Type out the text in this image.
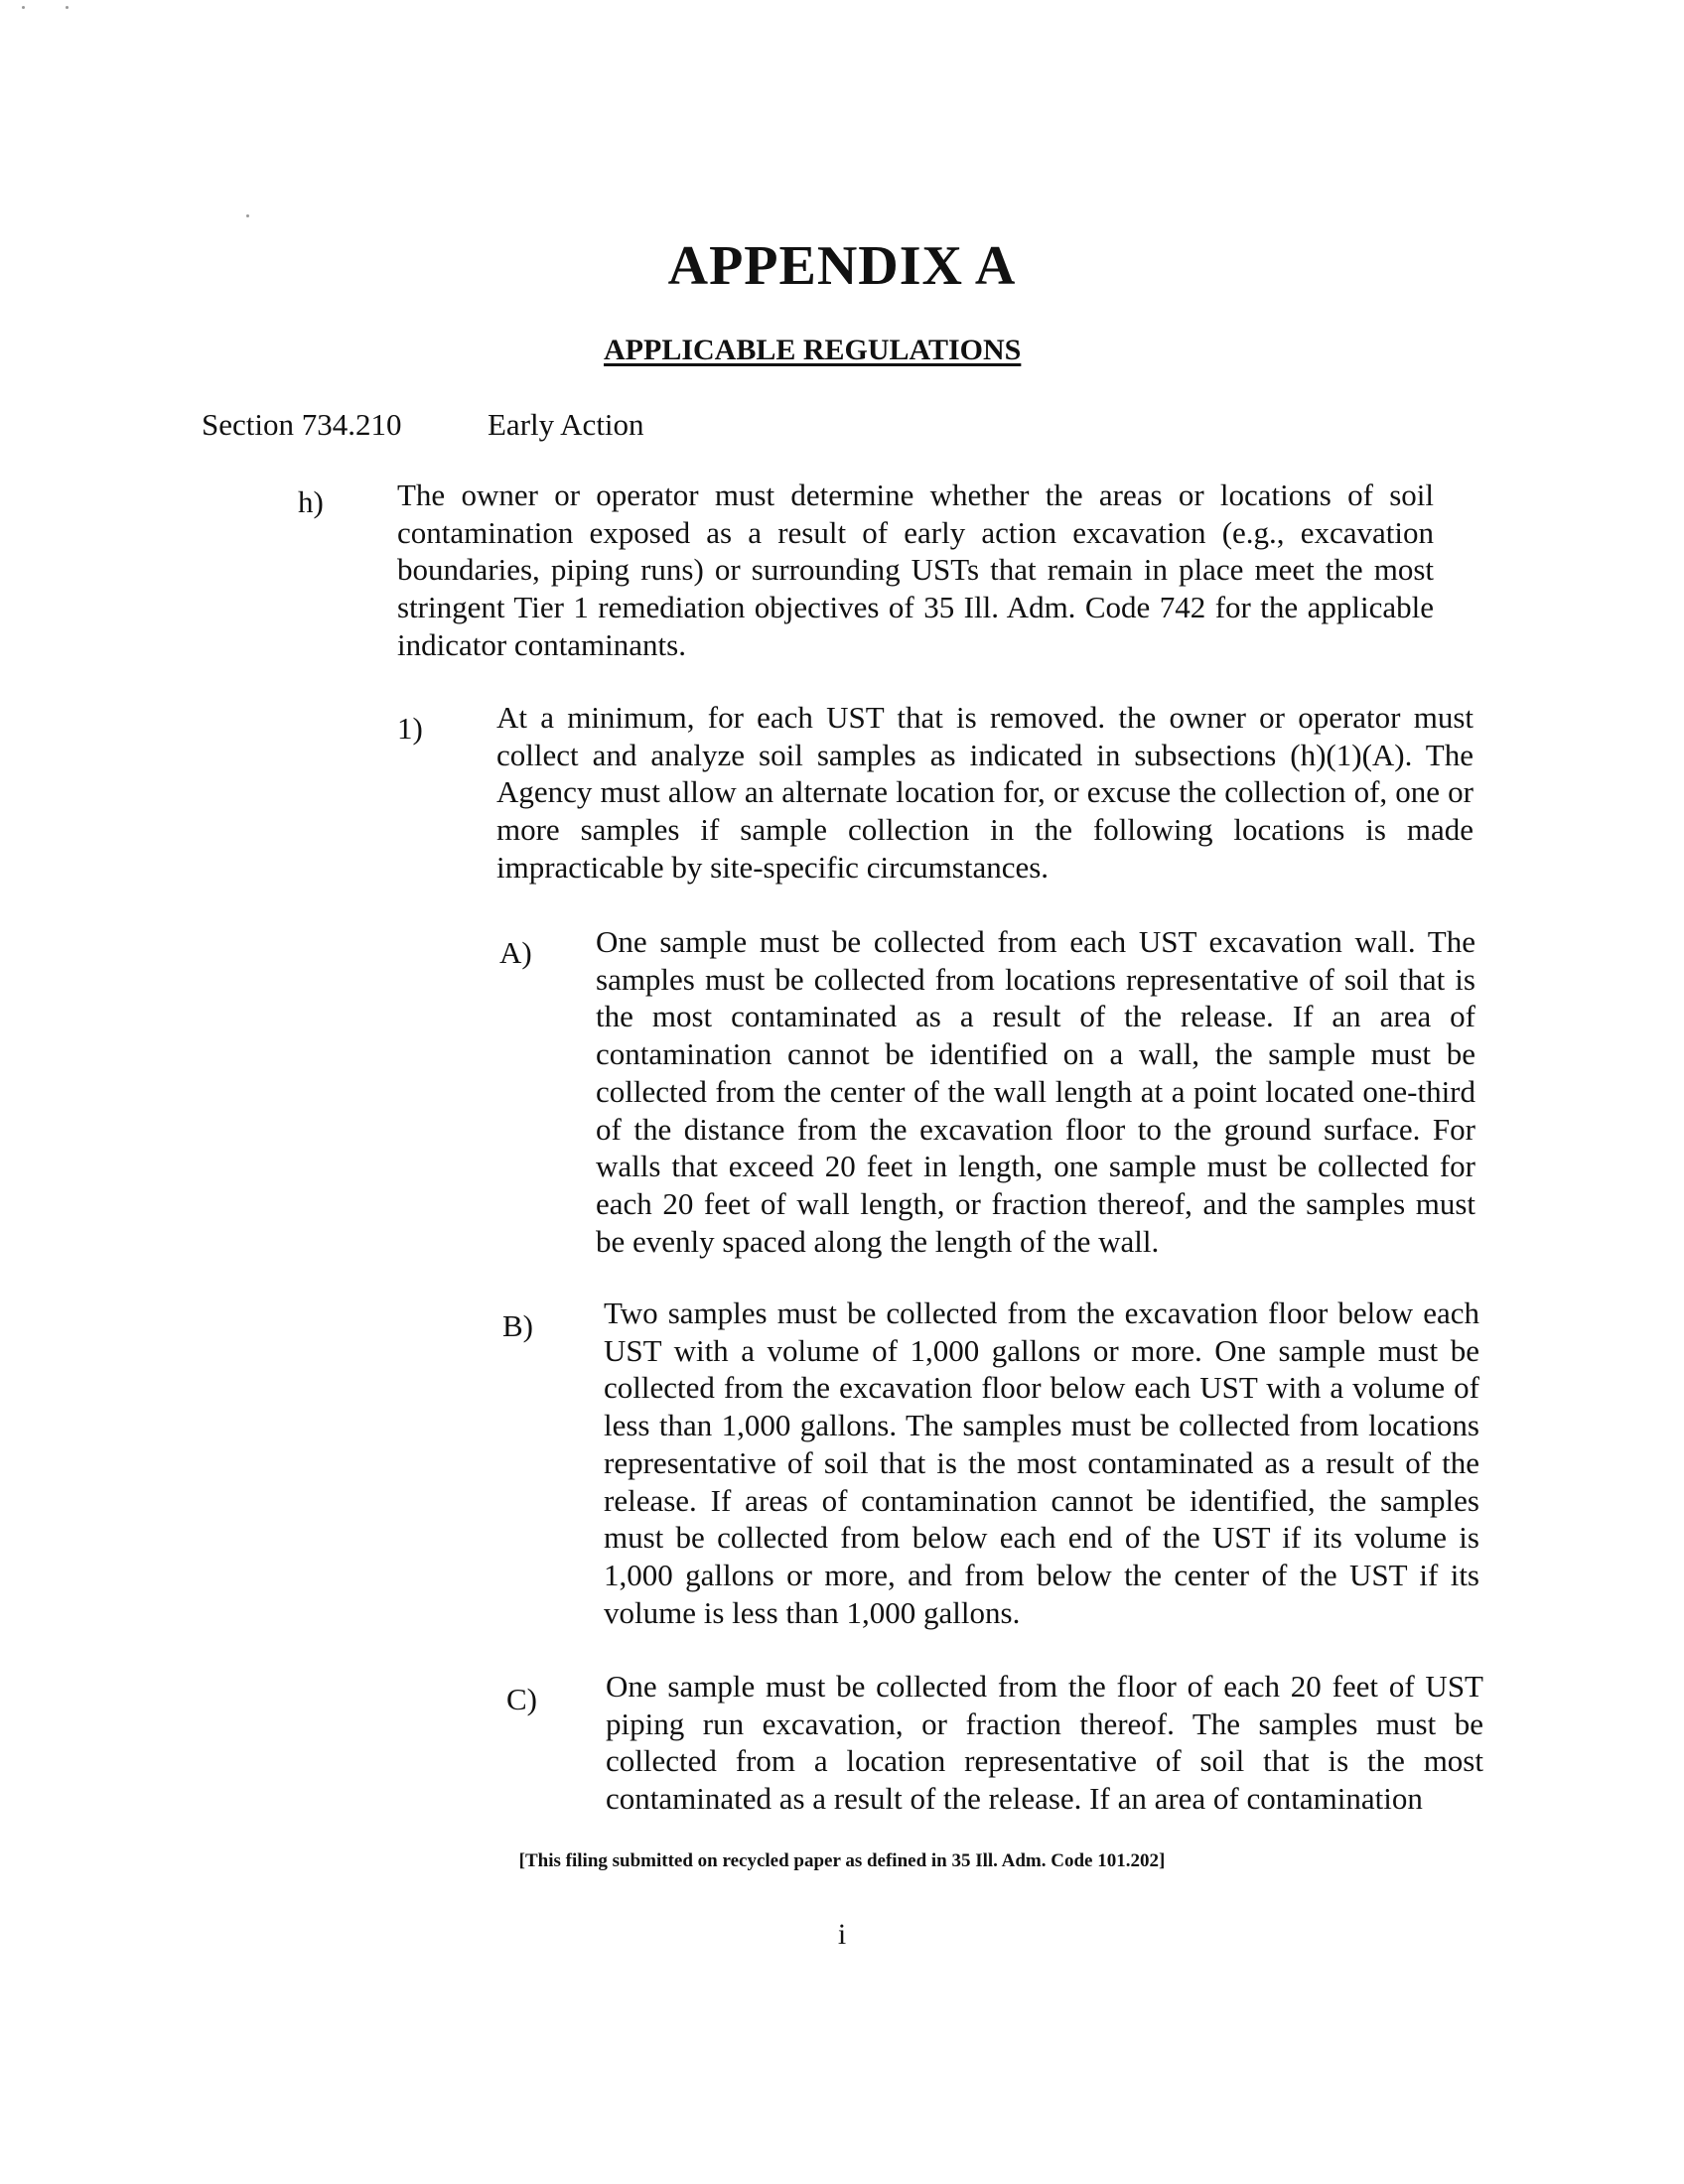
APPENDIX A
APPLICABLE REGULATIONS
Section 734.210	Early Action
h) The owner or operator must determine whether the areas or locations of soil contamination exposed as a result of early action excavation (e.g., excavation boundaries, piping runs) or surrounding USTs that remain in place meet the most stringent Tier 1 remediation objectives of 35 Ill. Adm. Code 742 for the applicable indicator contaminants.
1) At a minimum, for each UST that is removed. the owner or operator must collect and analyze soil samples as indicated in subsections (h)(1)(A). The Agency must allow an alternate location for, or excuse the collection of, one or more samples if sample collection in the following locations is made impracticable by site-specific circumstances.
A) One sample must be collected from each UST excavation wall. The samples must be collected from locations representative of soil that is the most contaminated as a result of the release. If an area of contamination cannot be identified on a wall, the sample must be collected from the center of the wall length at a point located one-third of the distance from the excavation floor to the ground surface. For walls that exceed 20 feet in length, one sample must be collected for each 20 feet of wall length, or fraction thereof, and the samples must be evenly spaced along the length of the wall.
B) Two samples must be collected from the excavation floor below each UST with a volume of 1,000 gallons or more. One sample must be collected from the excavation floor below each UST with a volume of less than 1,000 gallons. The samples must be collected from locations representative of soil that is the most contaminated as a result of the release. If areas of contamination cannot be identified, the samples must be collected from below each end of the UST if its volume is 1,000 gallons or more, and from below the center of the UST if its volume is less than 1,000 gallons.
C) One sample must be collected from the floor of each 20 feet of UST piping run excavation, or fraction thereof. The samples must be collected from a location representative of soil that is the most contaminated as a result of the release. If an area of contamination
[This filing submitted on recycled paper as defined in 35 Ill. Adm. Code 101.202]
i
